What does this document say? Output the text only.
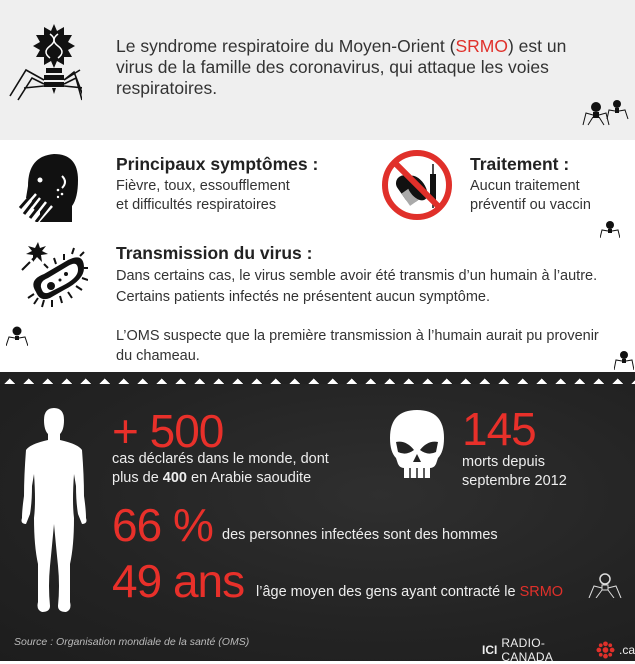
Le syndrome respiratoire du Moyen-Orient (SRMO) est un virus de la famille des coronavirus, qui attaque les voies respiratoires.
Principaux symptômes :
Fièvre, toux, essoufflement
et difficultés respiratoires
Traitement :
Aucun traitement
préventif ou vaccin
Transmission du virus :
Dans certains cas, le virus semble avoir été transmis d’un humain à l’autre.
Certains patients infectés ne présentent aucun symptôme.
L’OMS suspecte que la première transmission à l’humain aurait pu provenir
du chameau.
+ 500
cas déclarés dans le monde, dont
plus de 400 en Arabie saoudite
145
morts depuis
septembre 2012
66 % des personnes infectées sont des hommes
49 ans l’âge moyen des gens ayant contracté le SRMO
Source : Organisation mondiale de la santé (OMS)
ICI RADIO-CANADA	.ca
